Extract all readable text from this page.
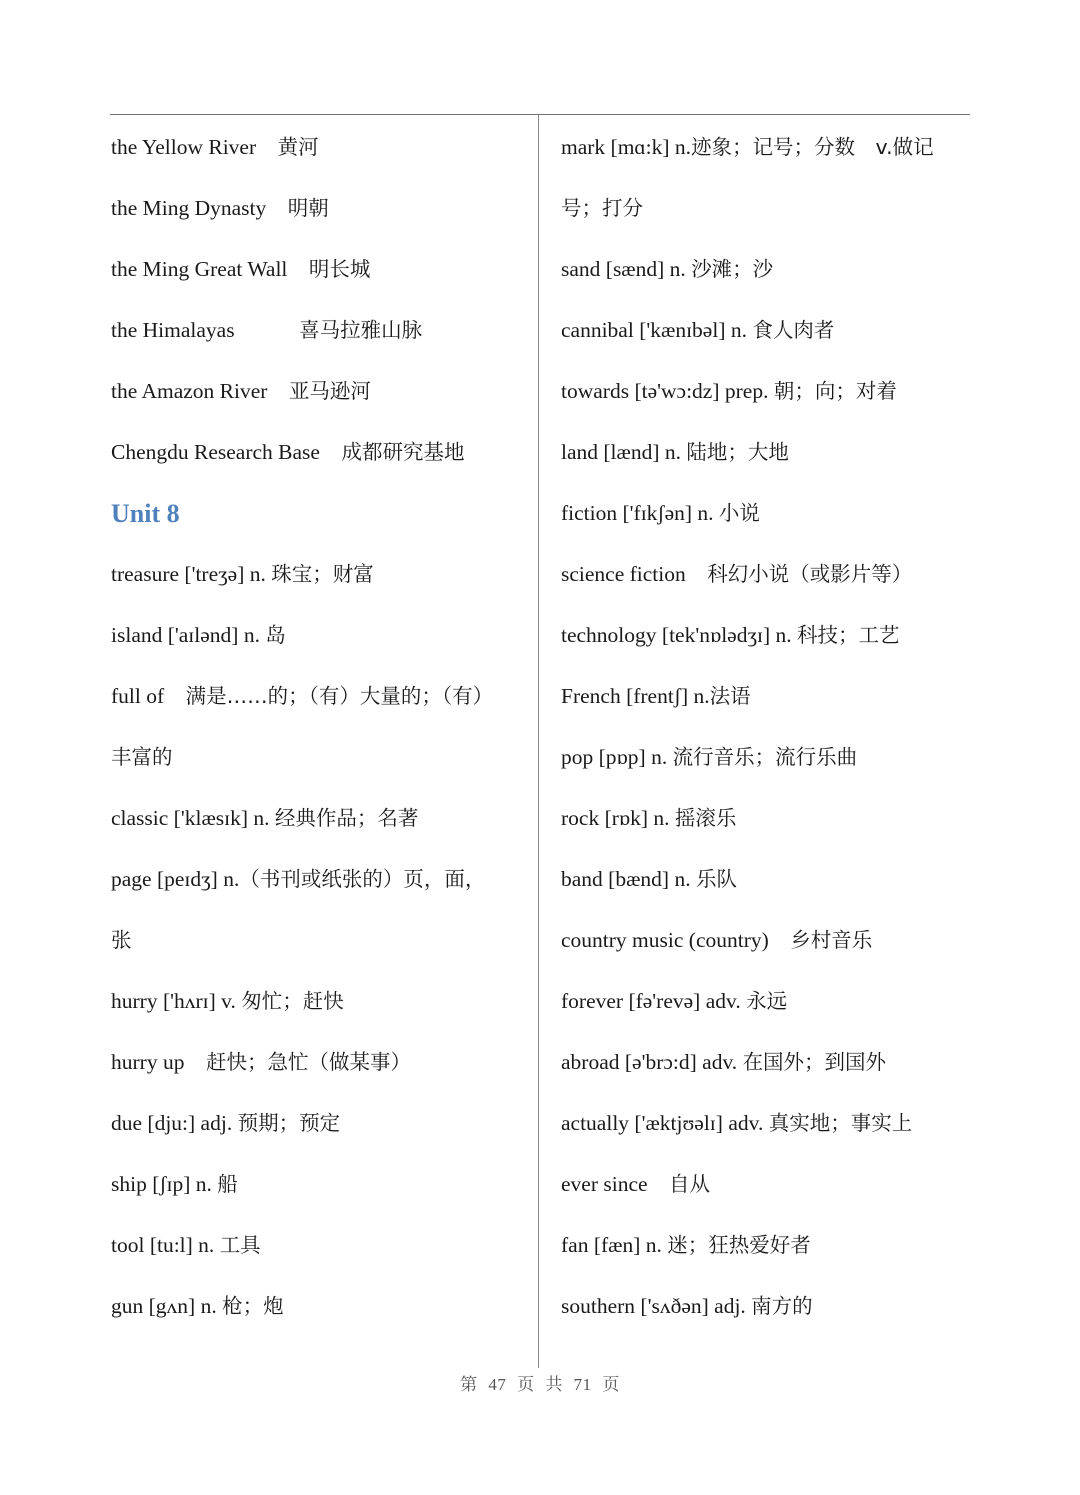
the Yellow River　黄河
the Ming Dynasty　明朝
the Ming Great Wall　明长城
the Himalayas　　　喜马拉雅山脉
the Amazon River　亚马逊河
Chengdu Research Base　成都研究基地
Unit 8
treasure ['treʒə] n. 珠宝；财富
island ['aɪlənd] n. 岛
full of　满是……的；（有）大量的；（有）
丰富的
classic ['klæsɪk] n. 经典作品；名著
page [peɪdʒ] n.（书刊或纸张的）页，面，
张
hurry ['hʌrɪ] v. 匆忙；赶快
hurry up　赶快；急忙（做某事）
due [dju:] adj. 预期；预定
ship [ʃɪp] n. 船
tool [tu:l] n. 工具
gun [gʌn] n. 枪；炮
mark [mɑ:k] n.迹象；记号；分数　v.做记
号；打分
sand [sænd] n. 沙滩；沙
cannibal ['kænɪbəl] n. 食人肉者
towards [tə'wɔ:dz] prep. 朝；向；对着
land [lænd] n. 陆地；大地
fiction ['fɪkʃən] n. 小说
science fiction　科幻小说（或影片等）
technology [tek'nɒlədʒɪ] n. 科技；工艺
French [frentʃ] n.法语
pop [pɒp] n. 流行音乐；流行乐曲
rock [rɒk] n. 摇滚乐
band [bænd] n. 乐队
country music (country)　乡村音乐
forever [fə'revə] adv. 永远
abroad [ə'brɔ:d] adv. 在国外；到国外
actually ['æktjʊəlɪ] adv. 真实地；事实上
ever since　自从
fan [fæn] n. 迷；狂热爱好者
southern ['sʌðən] adj. 南方的
第 47 页 共 71 页
